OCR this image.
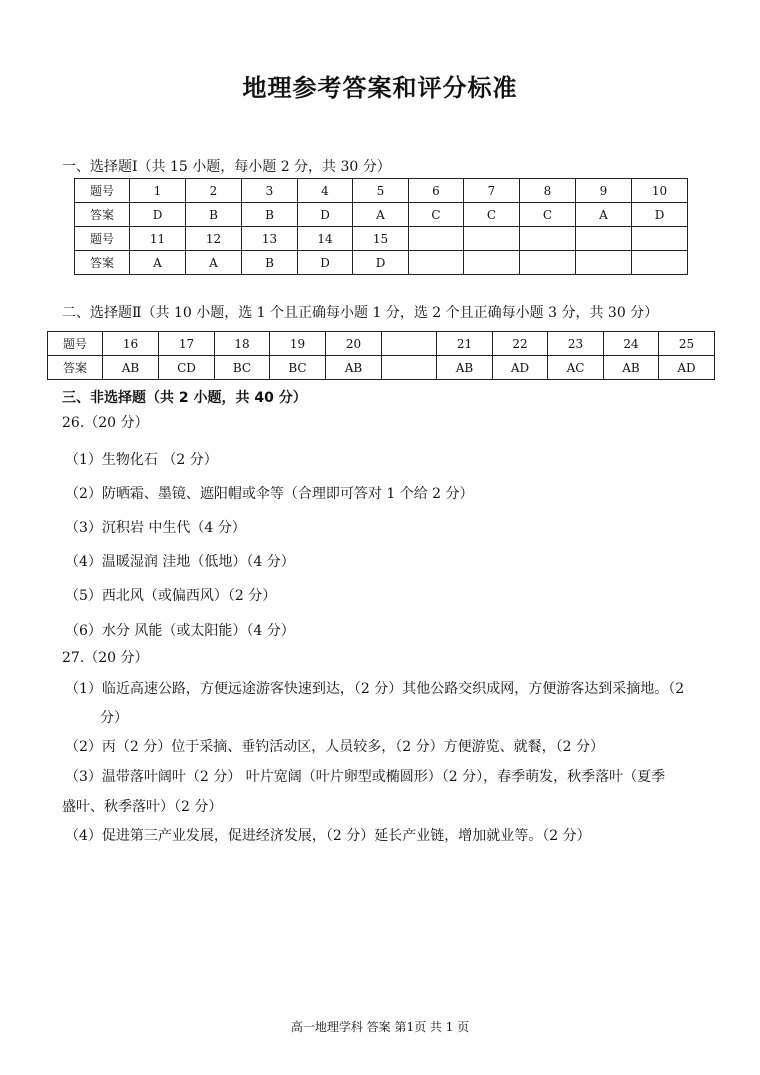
地理参考答案和评分标准
一、选择题Ⅰ（共 15 小题，每小题 2 分，共 30 分）
题号	1	2	3	4	5	6	7	8	9	10
答案	D	B	B	D	A	C	C	C	A	D
题号	11	12	13	14	15					
答案	A	A	B	D	D					
二、选择题Ⅱ（共 10 小题，选 1 个且正确每小题 1 分，选 2 个且正确每小题 3 分，共 30 分）
题号	16	17	18	19	20		21	22	23	24	25
答案	AB	CD	BC	BC	AB		AB	AD	AC	AB	AD
三、非选择题（共 2 小题，共 40 分）
26.（20 分）
（1）生物化石 （2 分）
（2）防晒霜、墨镜、遮阳帽或伞等（合理即可答对 1 个给 2 分）
（3）沉积岩 中生代（4 分）
（4）温暖湿润 洼地（低地）（4 分）
（5）西北风（或偏西风）（2 分）
（6）水分 风能（或太阳能）（4 分）
27.（20 分）
（1）临近高速公路，方便远途游客快速到达，（2 分）其他公路交织成网，方便游客达到采摘地。（2
分）
（2）丙（2 分）位于采摘、垂钓活动区，人员较多，（2 分）方便游览、就餐，（2 分）
（3）温带落叶阔叶（2 分） 叶片宽阔（叶片卵型或椭圆形）（2 分），春季萌发，秋季落叶（夏季
盛叶、秋季落叶）（2 分）
（4）促进第三产业发展，促进经济发展，（2 分）延长产业链，增加就业等。（2 分）
高一地理学科 答案 第1页 共 1 页
